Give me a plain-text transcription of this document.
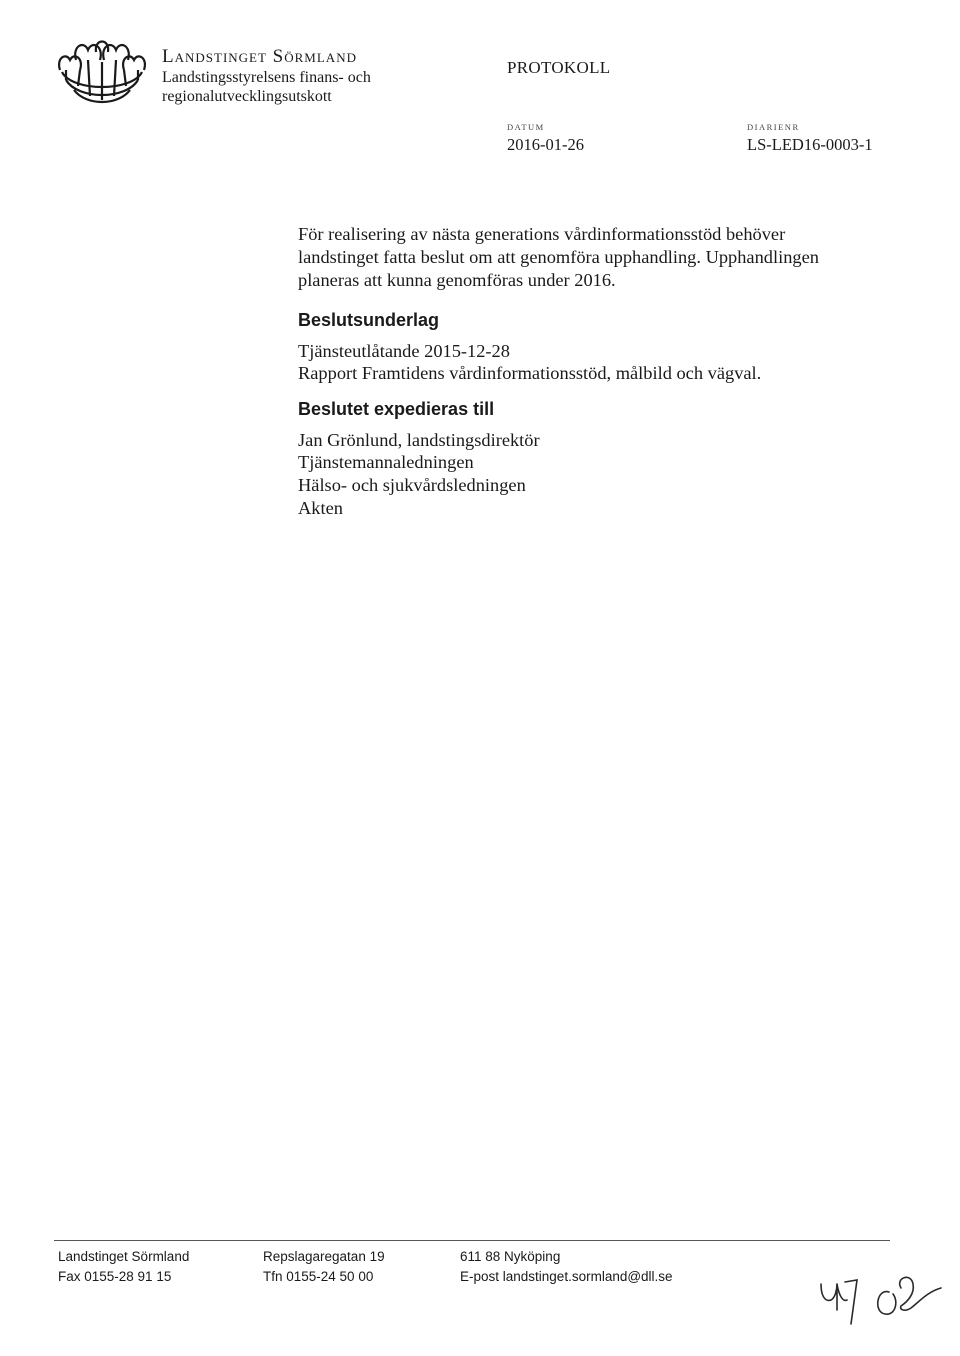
Landstinget Sörmland
Landstingsstyrelsens finans- och
regionalutvecklingsutskott
PROTOKOLL
DATUM
2016-01-26
DIARIENR
LS-LED16-0003-1

För realisering av nästa generations vårdinformationsstöd behöver
landstinget fatta beslut om att genomföra upphandling. Upphandlingen
planeras att kunna genomföras under 2016.

Beslutsunderlag
Tjänsteutlåtande 2015-12-28
Rapport Framtidens vårdinformationsstöd, målbild och vägval.
Beslutet expedieras till
Jan Grönlund, landstingsdirektör
Tjänstemannaledningen
Hälso- och sjukvårdsledningen
Akten
Landstinget Sörmland
Fax 0155-28 91 15
Repslagaregatan 19
Tfn 0155-24 50 00
611 88 Nyköping
E-post landstinget.sormland@dll.se
